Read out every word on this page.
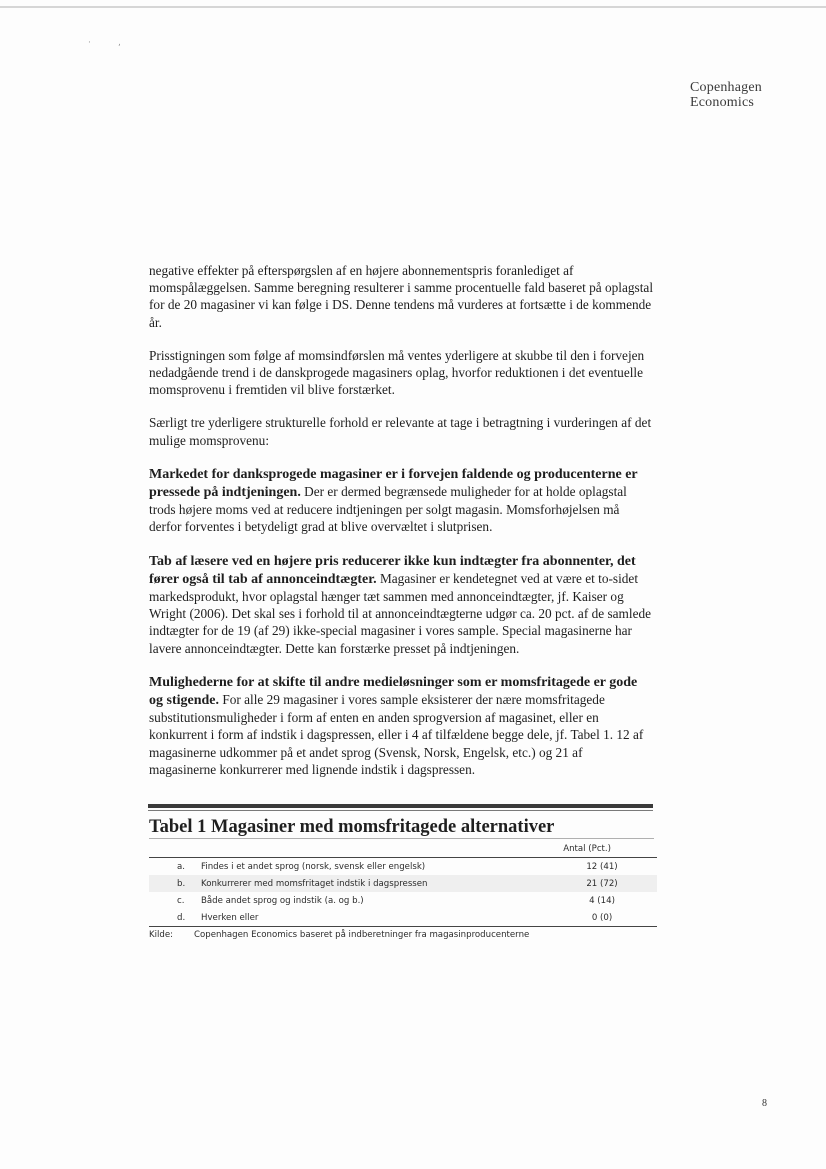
·	,
Copenhagen
Economics

negative effekter på efterspørgslen af en højere abonnementspris foranlediget af momspålæggelsen. Samme beregning resulterer i samme procentuelle fald baseret på oplagstal for de 20 magasiner vi kan følge i DS. Denne tendens må vurderes at fortsætte i de kommende år.

Prisstigningen som følge af momsindførslen må ventes yderligere at skubbe til den i forvejen nedadgående trend i de danskprogede magasiners oplag, hvorfor reduktionen i det eventuelle momsprovenu i fremtiden vil blive forstærket.

Særligt tre yderligere strukturelle forhold er relevante at tage i betragtning i vurderingen af det mulige momsprovenu:

Markedet for danksprogede magasiner er i forvejen faldende og producenterne er pressede på indtjeningen. Der er dermed begrænsede muligheder for at holde oplagstal trods højere moms ved at reducere indtjeningen per solgt magasin. Momsforhøjelsen må derfor forventes i betydeligt grad at blive overvæltet i slutprisen.

Tab af læsere ved en højere pris reducerer ikke kun indtægter fra abonnenter, det fører også til tab af annonceindtægter. Magasiner er kendetegnet ved at være et to-sidet markedsprodukt, hvor oplagstal hænger tæt sammen med annonceindtægter, jf. Kaiser og Wright (2006). Det skal ses i forhold til at annonceindtægterne udgør ca. 20 pct. af de samlede indtægter for de 19 (af 29) ikke-special magasiner i vores sample. Special magasinerne har lavere annonceindtægter. Dette kan forstærke presset på indtjeningen.

Mulighederne for at skifte til andre medieløsninger som er momsfritagede er gode og stigende. For alle 29 magasiner i vores sample eksisterer der nære momsfritagede substitutionsmuligheder i form af enten en anden sprogversion af magasinet, eller en konkurrent i form af indstik i dagspressen, eller i 4 af tilfældene begge dele, jf. Tabel 1. 12 af magasinerne udkommer på et andet sprog (Svensk, Norsk, Engelsk, etc.) og 21 af magasinerne konkurrerer med lignende indstik i dagspressen.

Tabel 1 Magasiner med momsfritagede alternativer
Antal (Pct.)
a. Findes i et andet sprog (norsk, svensk eller engelsk)	12 (41)
b. Konkurrerer med momsfritaget indstik i dagspressen	21 (72)
c. Både andet sprog og indstik (a. og b.)	4 (14)
d. Hverken eller	0 (0)
Kilde: Copenhagen Economics baseret på indberetninger fra magasinproducenterne
8
